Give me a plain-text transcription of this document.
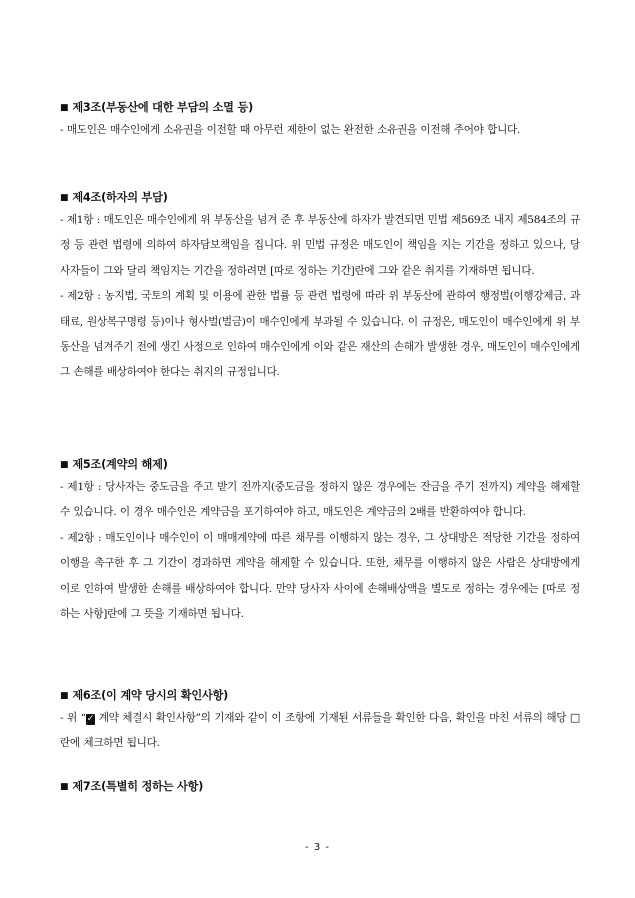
■ 제3조(부동산에 대한 부담의 소멸 등)

- 매도인은 매수인에게 소유권을 이전할 때 아무런 제한이 없는 완전한 소유권을 이전해 주어야 합니다.

■ 제4조(하자의 부담)

- 제1항 : 매도인은 매수인에게 위 부동산을 넘겨 준 후 부동산에 하자가 발견되면 민법 제569조 내지 제584조의 규정 등 관련 법령에 의하여 하자담보책임을 집니다. 위 민법 규정은 매도인이 책임을 지는 기간을 정하고 있으나, 당사자들이 그와 달리 책임지는 기간을 정하려면 [따로 정하는 기간]란에 그와 같은 취지를 기재하면 됩니다.

- 제2항 : 농지법, 국토의 계획 및 이용에 관한 법률 등 관련 법령에 따라 위 부동산에 관하여 행정벌(이행강제금, 과태료, 원상복구명령 등)이나 형사벌(벌금)이 매수인에게 부과될 수 있습니다. 이 규정은, 매도인이 매수인에게 위 부동산을 넘겨주기 전에 생긴 사정으로 인하여 매수인에게 이와 같은 재산의 손해가 발생한 경우, 매도인이 매수인에게 그 손해를 배상하여야 한다는 취지의 규정입니다.

■ 제5조(계약의 해제)

- 제1항 : 당사자는 중도금을 주고 받기 전까지(중도금을 정하지 않은 경우에는 잔금을 주기 전까지) 계약을 해제할 수 있습니다. 이 경우 매수인은 계약금을 포기하여야 하고, 매도인은 계약금의 2배를 반환하여야 합니다.

- 제2항 : 매도인이나 매수인이 이 매매계약에 따른 채무를 이행하지 않는 경우, 그 상대방은 적당한 기간을 정하여 이행을 촉구한 후 그 기간이 경과하면 계약을 해제할 수 있습니다. 또한, 채무를 이행하지 않은 사람은 상대방에게 이로 인하여 발생한 손해를 배상하여야 합니다. 만약 당사자 사이에 손해배상액을 별도로 정하는 경우에는 [따로 정하는 사항]란에 그 뜻을 기재하면 됩니다.

■ 제6조(이 계약 당시의 확인사항)

- 위 “✓ 계약 체결시 확인사항”의 기재와 같이 이 조항에 기재된 서류들을 확인한 다음, 확인을 마친 서류의 해당 □란에 체크하면 됩니다.

■ 제7조(특별히 정하는 사항)
- 3 -
